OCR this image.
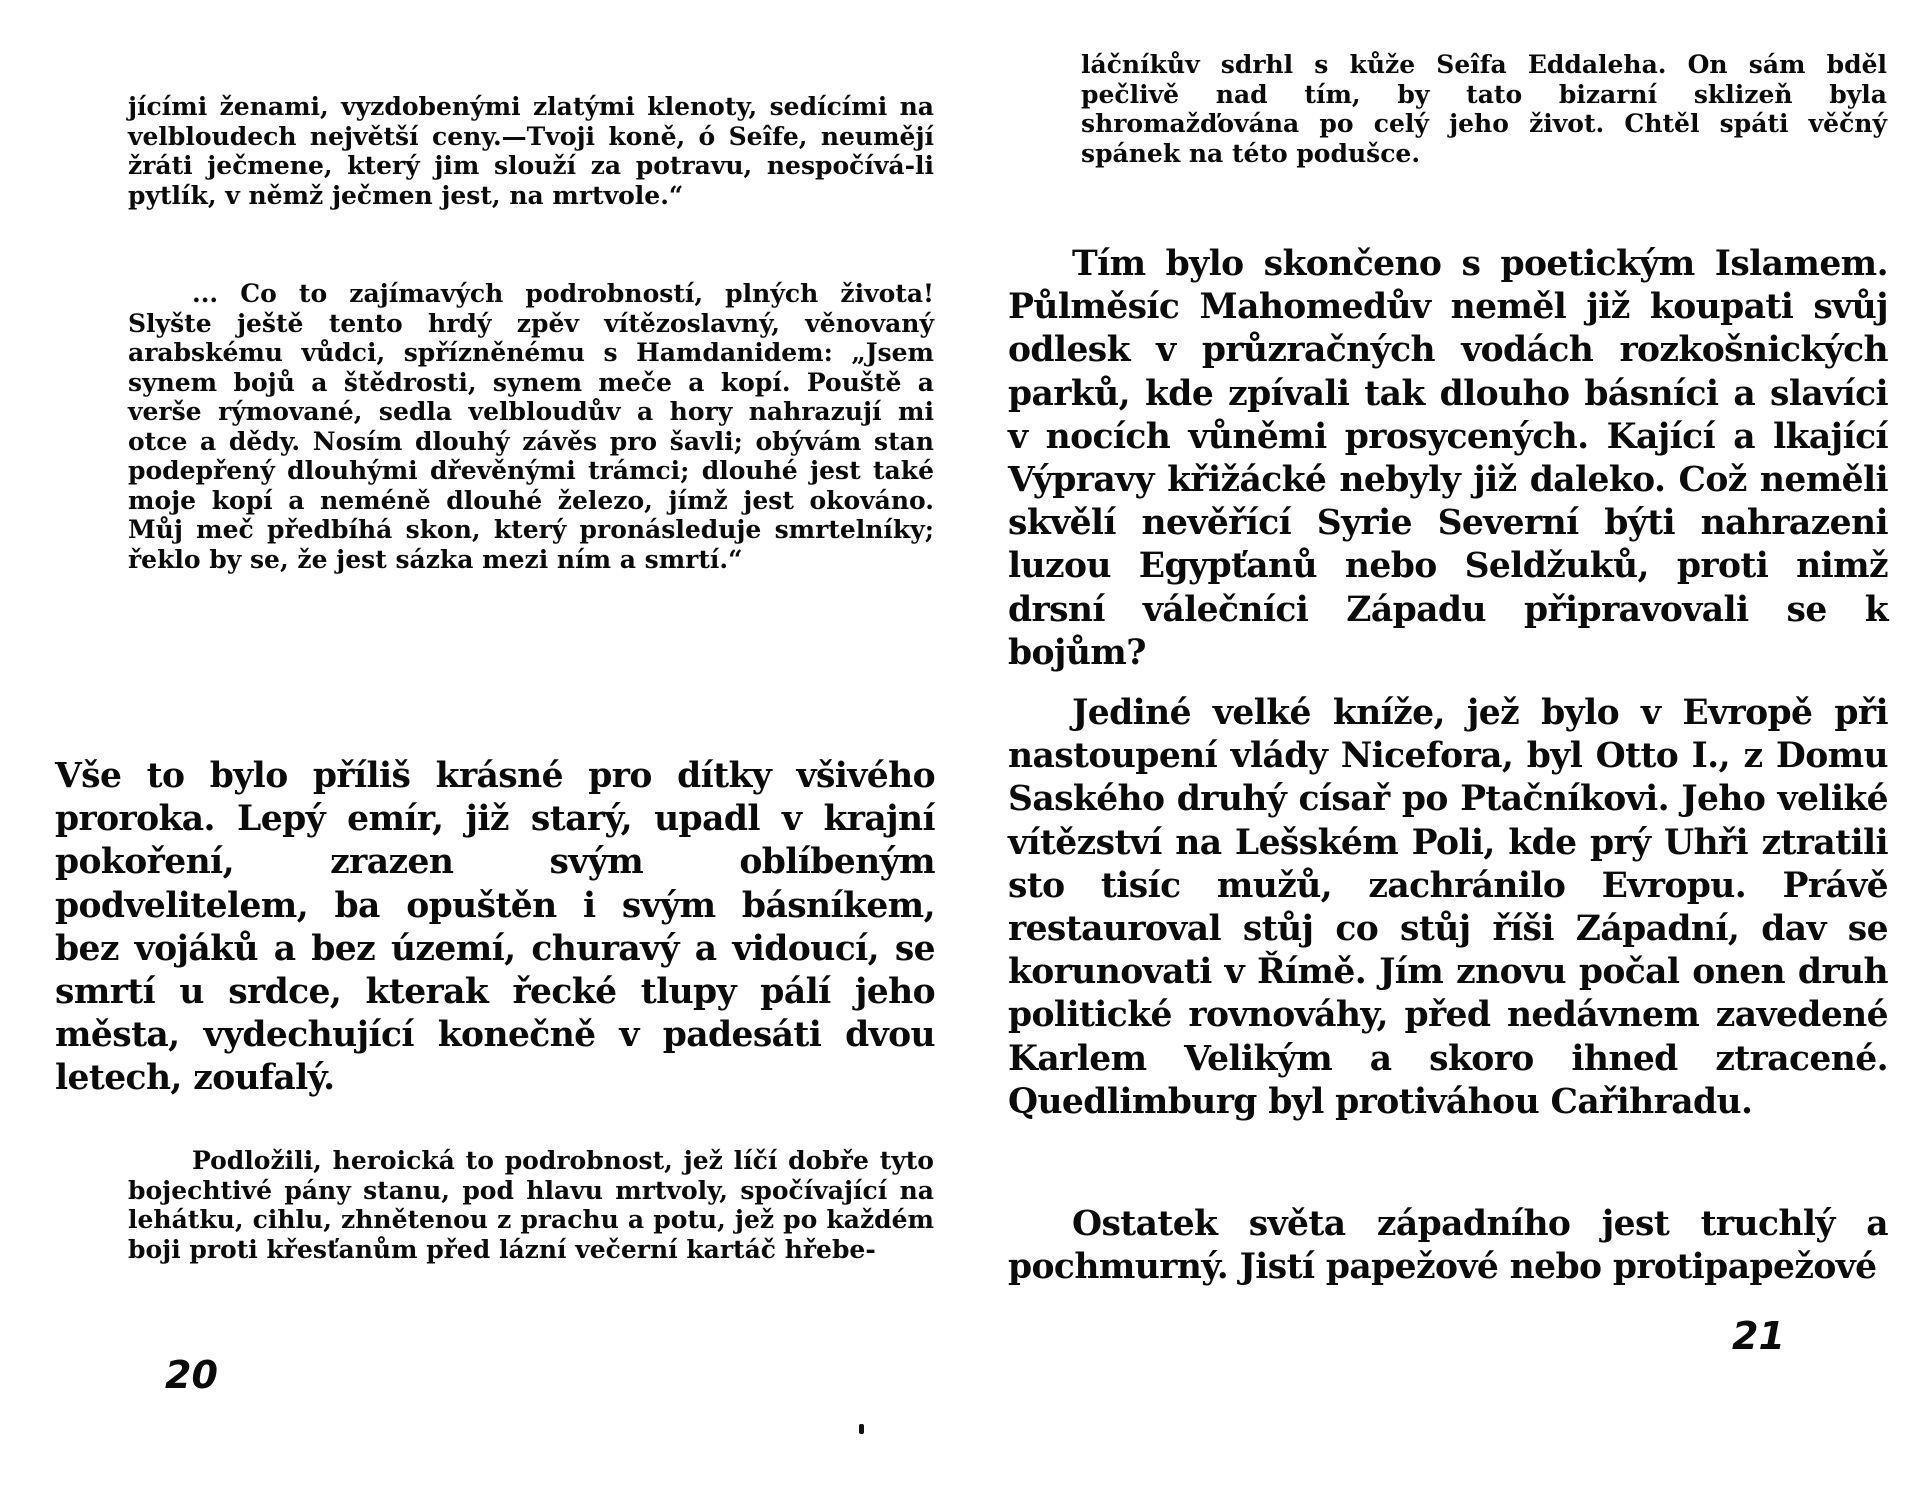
jícími ženami, vyzdobenými zlatými klenoty, sedícími na velbloudech největší ceny.—Tvoji koně, ó Seîfe, neumějí žráti ječmene, který jim slouží za potravu, nespočívá-li pytlík, v němž ječmen jest, na mrtvole.“

... Co to zajímavých podrobností, plných života! Slyšte ještě tento hrdý zpěv vítězoslavný, věnovaný arabskému vůdci, spřízněnému s Hamdanidem: „Jsem synem bojů a štědrosti, synem meče a kopí. Pouště a verše rýmované, sedla velbloudův a hory nahrazují mi otce a dědy. Nosím dlouhý závěs pro šavli; obývám stan podepřený dlouhými dřevěnými trámci; dlouhé jest také moje kopí a neméně dlouhé železo, jímž jest okováno. Můj meč předbíhá skon, který pronásleduje smrtelníky; řeklo by se, že jest sázka mezi ním a smrtí.“

Vše to bylo příliš krásné pro dítky všivého proroka. Lepý emír, již starý, upadl v krajní pokoření, zrazen svým oblíbeným podvelitelem, ba opuštěn i svým básníkem, bez vojáků a bez území, churavý a vidoucí, se smrtí u srdce, kterak řecké tlupy pálí jeho města, vydechující konečně v padesáti dvou letech, zoufalý.

Podložili, heroická to podrobnost, jež líčí dobře tyto bojechtivé pány stanu, pod hlavu mrtvoly, spočívající na lehátku, cihlu, zhnětenou z prachu a potu, jež po každém boji proti křesťanům před lázní večerní kartáč hřebe-

20

láčníkův sdrhl s kůže Seîfa Eddaleha. On sám bděl pečlivě nad tím, by tato bizarní sklizeň byla shromažďována po celý jeho život. Chtěl spáti věčný spánek na této podušce.

Tím bylo skončeno s poetickým Islamem. Půlměsíc Mahomedův neměl již koupati svůj odlesk v průzračných vodách rozkošnických parků, kde zpívali tak dlouho básníci a slavíci v nocích vůněmi prosycených. Kající a lkající Výpravy křižácké nebyly již daleko. Což neměli skvělí nevěřící Syrie Severní býti nahrazeni luzou Egypťanů nebo Seldžuků, proti nimž drsní válečníci Západu připravovali se k bojům?

Jediné velké kníže, jež bylo v Evropě při nastoupení vlády Nicefora, byl Otto I., z Domu Saského druhý císař po Ptačníkovi. Jeho veliké vítězství na Lešském Poli, kde prý Uhři ztratili sto tisíc mužů, zachránilo Evropu. Právě restauroval stůj co stůj říši Západní, dav se korunovati v Římě. Jím znovu počal onen druh politické rovnováhy, před nedávnem zavedené Karlem Velikým a skoro ihned ztracené. Quedlimburg byl protiváhou Cařihradu.

Ostatek světa západního jest truchlý a pochmurný. Jistí papežové nebo protipapežové

21
